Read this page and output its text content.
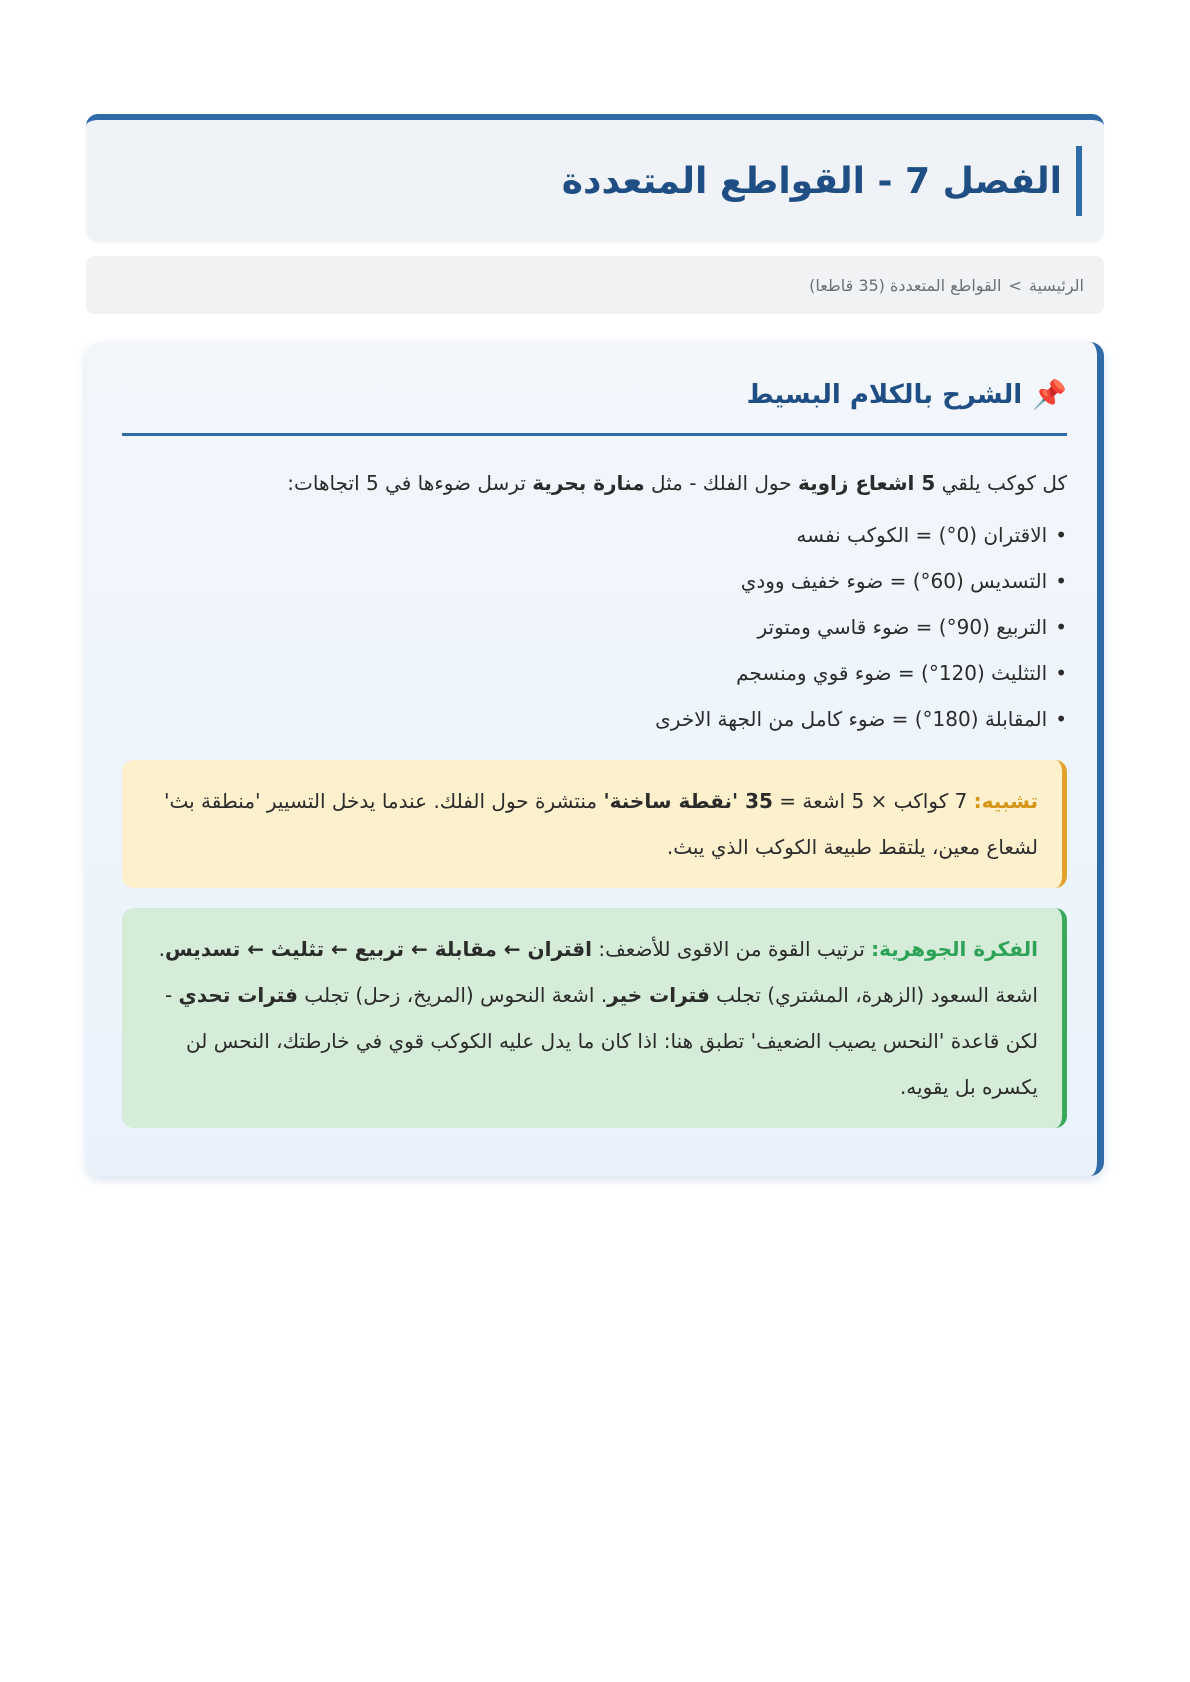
الفصل 7 - القواطع المتعددة
الرئيسية
>
القواطع المتعددة (35 قاطعا)
📌
الشرح بالكلام البسيط
كل كوكب يلقي 5 اشعاع زاوية حول الفلك - مثل منارة بحرية ترسل ضوءها في 5 اتجاهات:
•الاقتران (0°) = الكوكب نفسه
•التسديس (60°) = ضوء خفيف وودي
•التربيع (90°) = ضوء قاسي ومتوتر
•التثليث (120°) = ضوء قوي ومنسجم
•المقابلة (180°) = ضوء كامل من الجهة الاخرى
تشبيه: 7 كواكب × 5 اشعة = 35 'نقطة ساخنة' منتشرة حول الفلك. عندما يدخل التسيير 'منطقة بث' لشعاع معين، يلتقط طبيعة الكوكب الذي يبث.
الفكرة الجوهرية: ترتيب القوة من الاقوى للأضعف: اقتران ← مقابلة ← تربيع ← تثليث ← تسديس. اشعة السعود (الزهرة، المشتري) تجلب فترات خير. اشعة النحوس (المريخ، زحل) تجلب فترات تحدي - لكن قاعدة 'النحس يصيب الضعيف' تطبق هنا: اذا كان ما يدل عليه الكوكب قوي في خارطتك، النحس لن يكسره بل يقويه.
